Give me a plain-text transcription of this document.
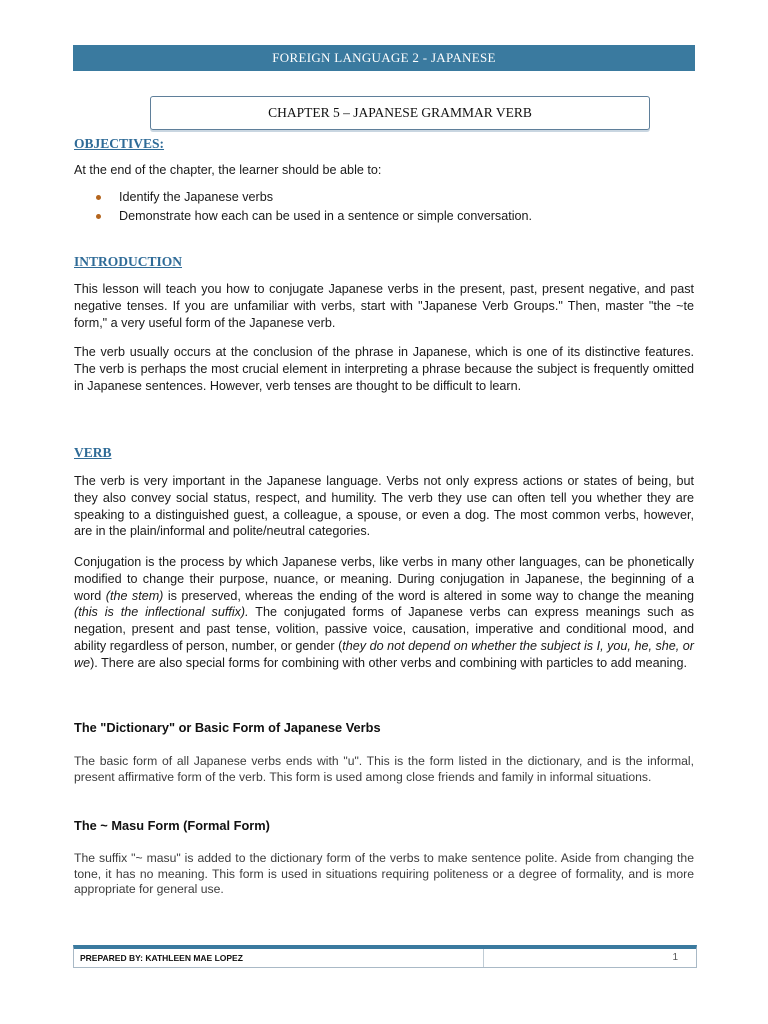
FOREIGN LANGUAGE 2 - JAPANESE
CHAPTER 5 – JAPANESE GRAMMAR VERB
OBJECTIVES:

At the end of the chapter, the learner should be able to:

Identify the Japanese verbs
Demonstrate how each can be used in a sentence or simple conversation.
INTRODUCTION

This lesson will teach you how to conjugate Japanese verbs in the present, past, present negative, and past negative tenses. If you are unfamiliar with verbs, start with "Japanese Verb Groups." Then, master "the ~te form," a very useful form of the Japanese verb.

The verb usually occurs at the conclusion of the phrase in Japanese, which is one of its distinctive features. The verb is perhaps the most crucial element in interpreting a phrase because the subject is frequently omitted in Japanese sentences. However, verb tenses are thought to be difficult to learn.

VERB

The verb is very important in the Japanese language. Verbs not only express actions or states of being, but they also convey social status, respect, and humility. The verb they use can often tell you whether they are speaking to a distinguished guest, a colleague, a spouse, or even a dog. The most common verbs, however, are in the plain/informal and polite/neutral categories.

Conjugation is the process by which Japanese verbs, like verbs in many other languages, can be phonetically modified to change their purpose, nuance, or meaning. During conjugation in Japanese, the beginning of a word (the stem) is preserved, whereas the ending of the word is altered in some way to change the meaning (this is the inflectional suffix). The conjugated forms of Japanese verbs can express meanings such as negation, present and past tense, volition, passive voice, causation, imperative and conditional mood, and ability regardless of person, number, or gender (they do not depend on whether the subject is I, you, he, she, or we). There are also special forms for combining with other verbs and combining with particles to add meaning.

The "Dictionary" or Basic Form of Japanese Verbs

The basic form of all Japanese verbs ends with "u". This is the form listed in the dictionary, and is the informal, present affirmative form of the verb. This form is used among close friends and family in informal situations.

The ~ Masu Form (Formal Form)

The suffix "~ masu" is added to the dictionary form of the verbs to make sentence polite. Aside from changing the tone, it has no meaning. This form is used in situations requiring politeness or a degree of formality, and is more appropriate for general use.

PREPARED BY: KATHLEEN MAE LOPEZ	1
